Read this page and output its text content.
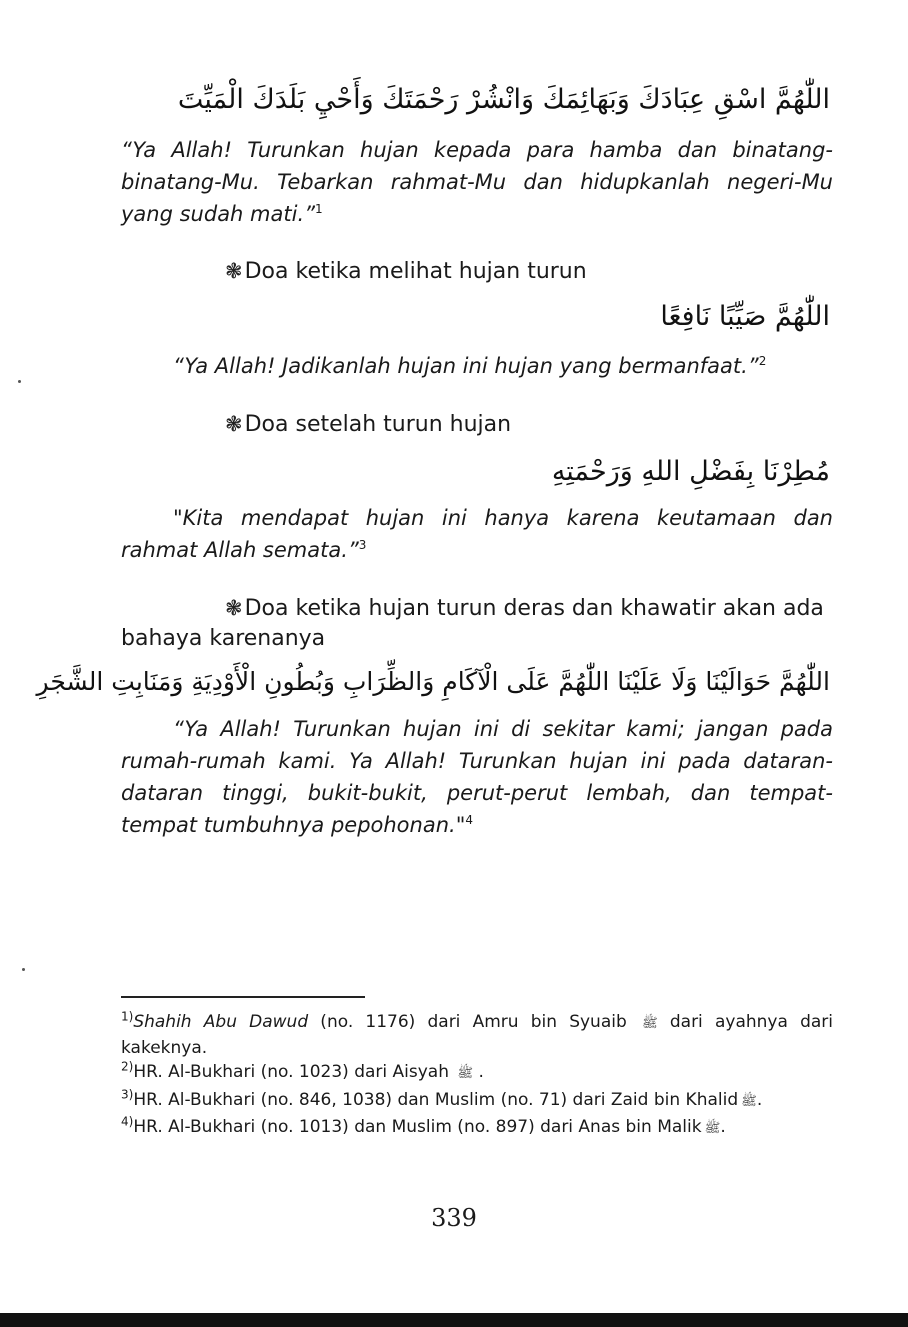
اللّٰهُمَّ اسْقِ عِبَادَكَ وَبَهَائِمَكَ وَانْشُرْ رَحْمَتَكَ وَأَحْيِ بَلَدَكَ الْمَيِّتَ

“Ya Allah! Turunkan hujan kepada para hamba dan binatang-binatang-Mu. Tebarkan rahmat-Mu dan hidupkanlah negeri-Mu yang sudah mati.”$^1$

❃Doa ketika melihat hujan turun

اللّٰهُمَّ صَيِّبًا نَافِعًا

“Ya Allah! Jadikanlah hujan ini hujan yang bermanfaat.”$^2$

❃Doa setelah turun hujan

مُطِرْنَا بِفَضْلِ اللهِ وَرَحْمَتِهِ

"Kita mendapat hujan ini hanya karena keutamaan dan rahmat Allah semata.”$^3$

❃Doa ketika hujan turun deras dan khawatir akan ada bahaya karenanya

اللّٰهُمَّ حَوَالَيْنَا وَلَا عَلَيْنَا اللّٰهُمَّ عَلَى الْآكَامِ وَالظِّرَابِ وَبُطُونِ الْأَوْدِيَةِ وَمَنَابِتِ الشَّجَرِ

“Ya Allah! Turunkan hujan ini di sekitar kami; jangan pada rumah-rumah kami. Ya Allah! Turunkan hujan ini pada dataran-dataran tinggi, bukit-bukit, perut-perut lembah, dan tempat-tempat tumbuhnya pepohonan."$^4$

$^{1)}$Shahih Abu Dawud (no. 1176) dari Amru bin Syuaib ﷺ dari ayahnya dari kakeknya.

$^{2)}$HR. Al-Bukhari (no. 1023) dari Aisyah ﷺ .

$^{3)}$HR. Al-Bukhari (no. 846, 1038) dan Muslim (no. 71) dari Zaid bin Khalid ﷺ.

$^{4)}$HR. Al-Bukhari (no. 1013) dan Muslim (no. 897) dari Anas bin Malik ﷺ.

339
